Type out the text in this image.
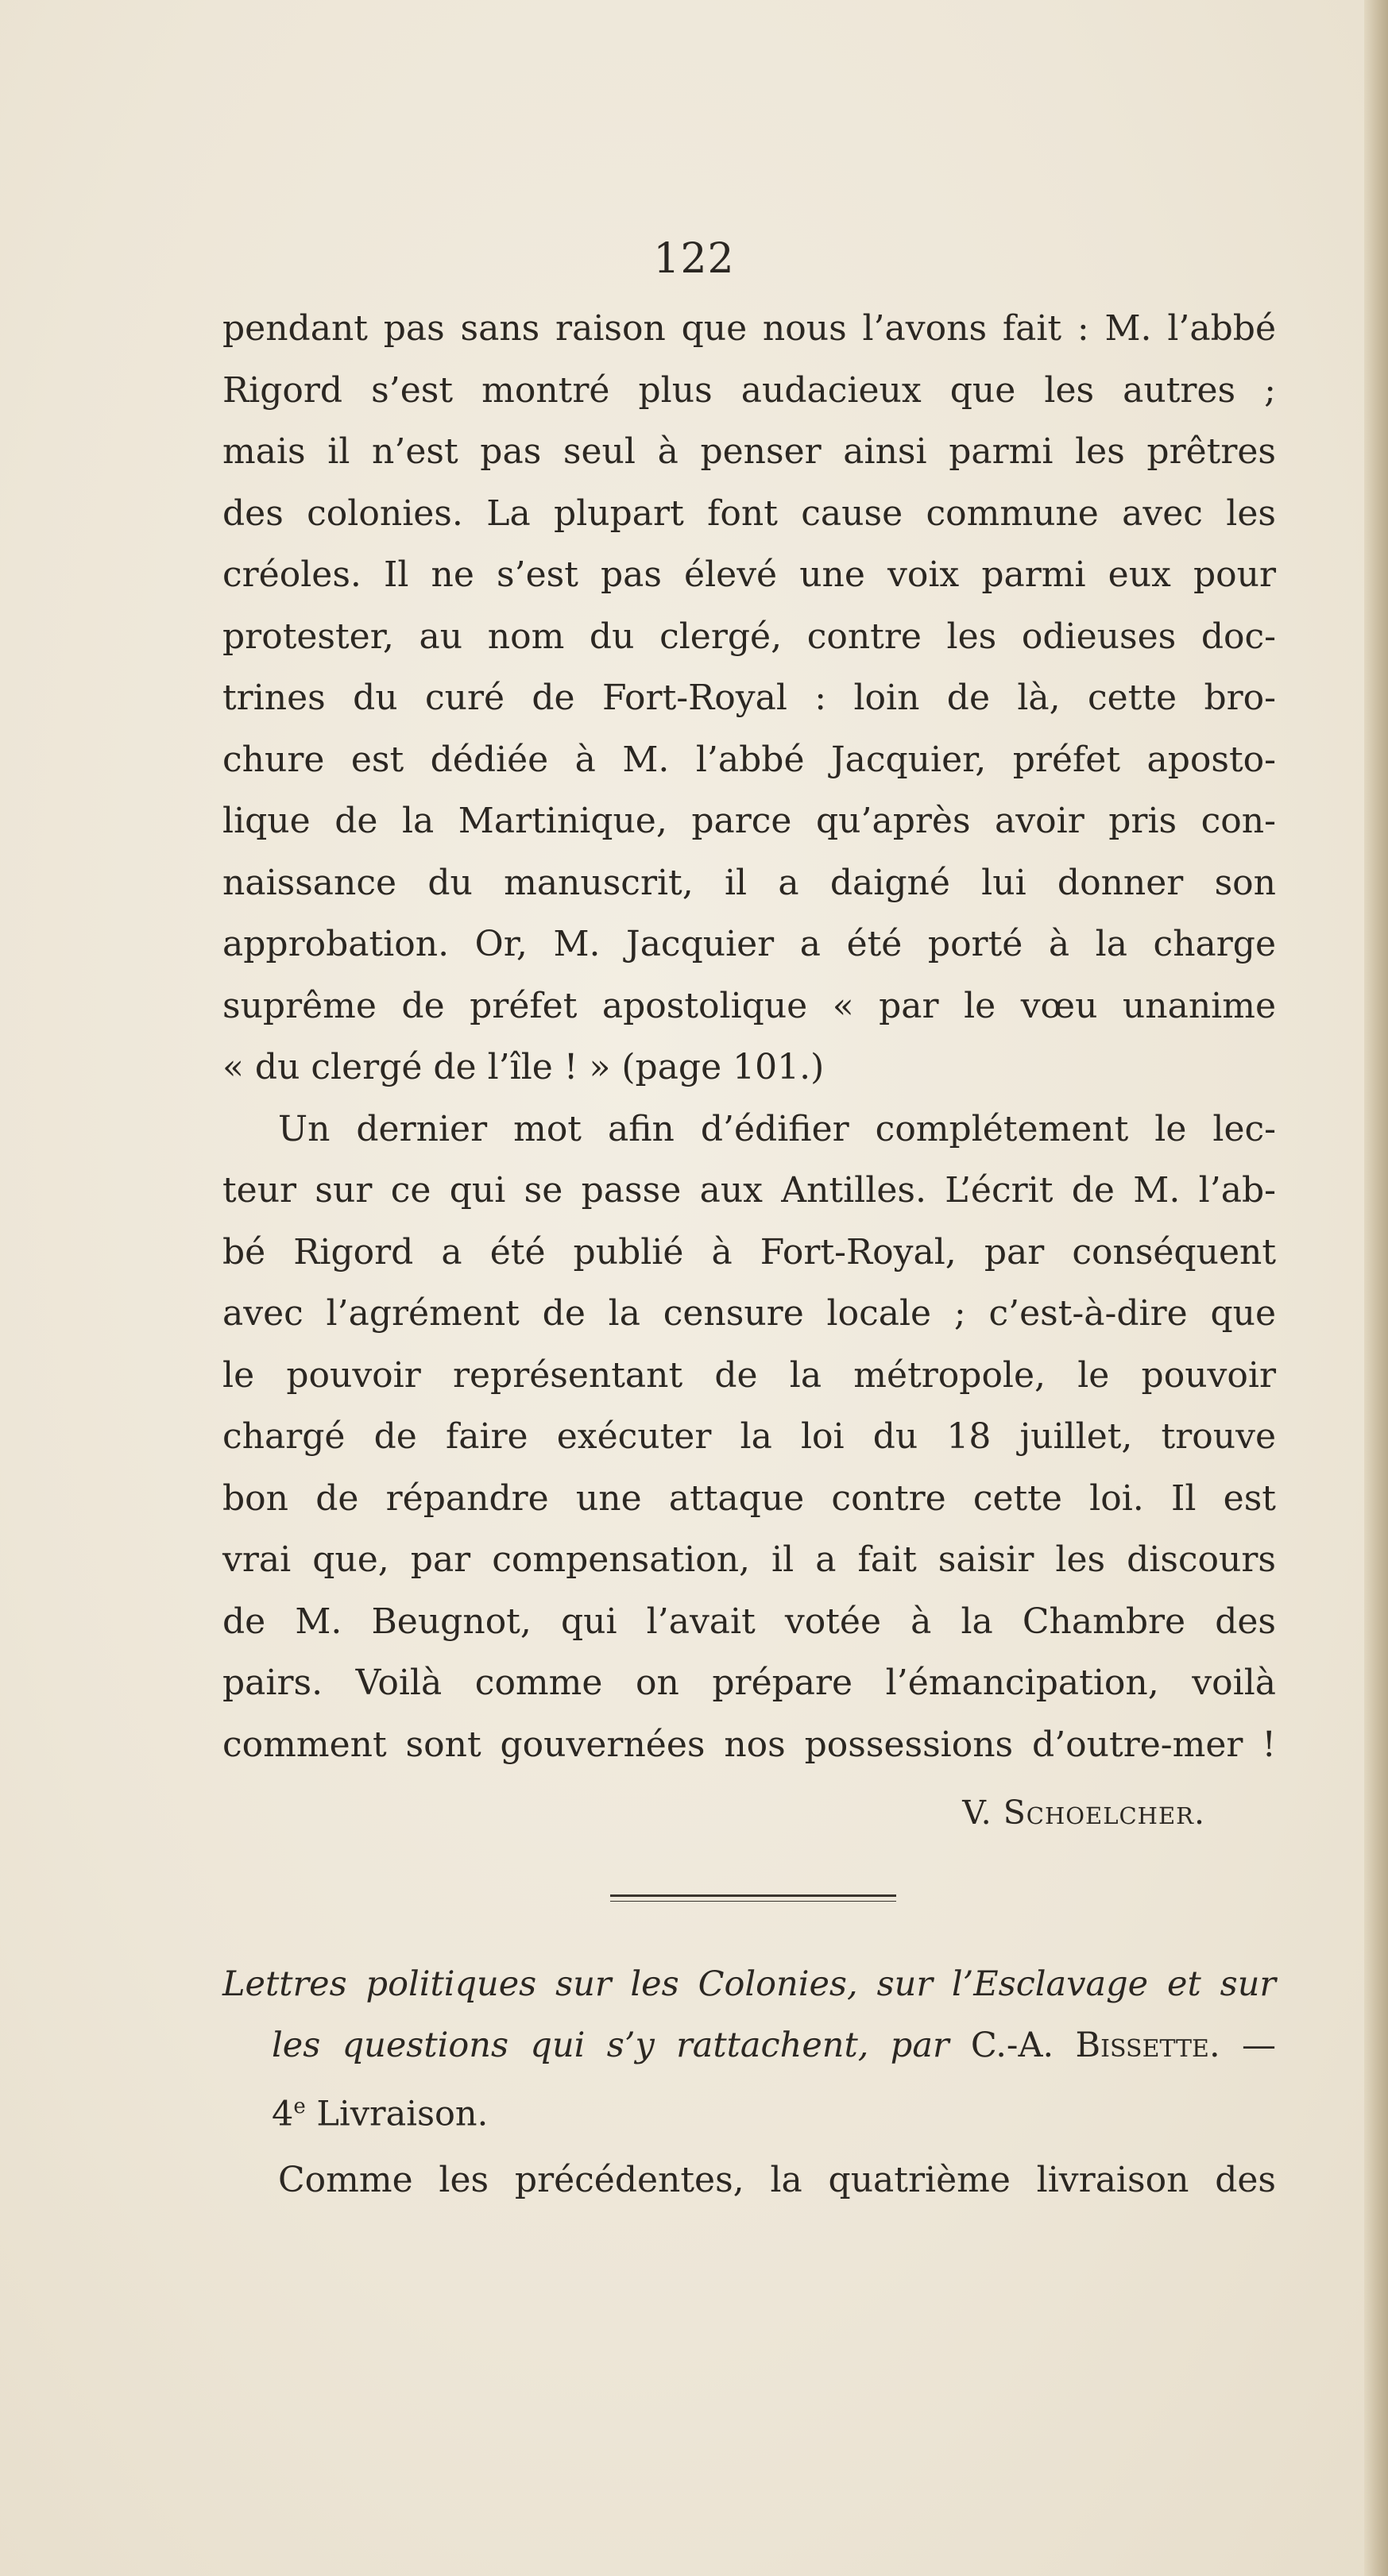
122
pendant pas sans raison que nous l’avons fait : M. l’abbé
Rigord s’est montré plus audacieux que les autres ;
mais il n’est pas seul à penser ainsi parmi les prêtres
des colonies. La plupart font cause commune avec les
créoles. Il ne s’est pas élevé une voix parmi eux pour
protester, au nom du clergé, contre les odieuses doc-
trines du curé de Fort-Royal : loin de là, cette bro-
chure est dédiée à M. l’abbé Jacquier, préfet aposto-
lique de la Martinique, parce qu’après avoir pris con-
naissance du manuscrit, il a daigné lui donner son
approbation. Or, M. Jacquier a été porté à la charge
suprême de préfet apostolique « par le vœu unanime
« du clergé de l’île ! » (page 101.)
Un dernier mot afin d’édifier complétement le lec-
teur sur ce qui se passe aux Antilles. L’écrit de M. l’ab-
bé Rigord a été publié à Fort-Royal, par conséquent
avec l’agrément de la censure locale ; c’est-à-dire que
le pouvoir représentant de la métropole, le pouvoir
chargé de faire exécuter la loi du 18 juillet, trouve
bon de répandre une attaque contre cette loi. Il est
vrai que, par compensation, il a fait saisir les discours
de M. Beugnot, qui l’avait votée à la Chambre des
pairs. Voilà comme on prépare l’émancipation, voilà
comment sont gouvernées nos possessions d’outre-mer !
V. Schoelcher.
Lettres politiques sur les Colonies, sur l’Esclavage et sur
les questions qui s’y rattachent, par C.-A. Bissette. —
4e Livraison.
Comme les précédentes, la quatrième livraison des
